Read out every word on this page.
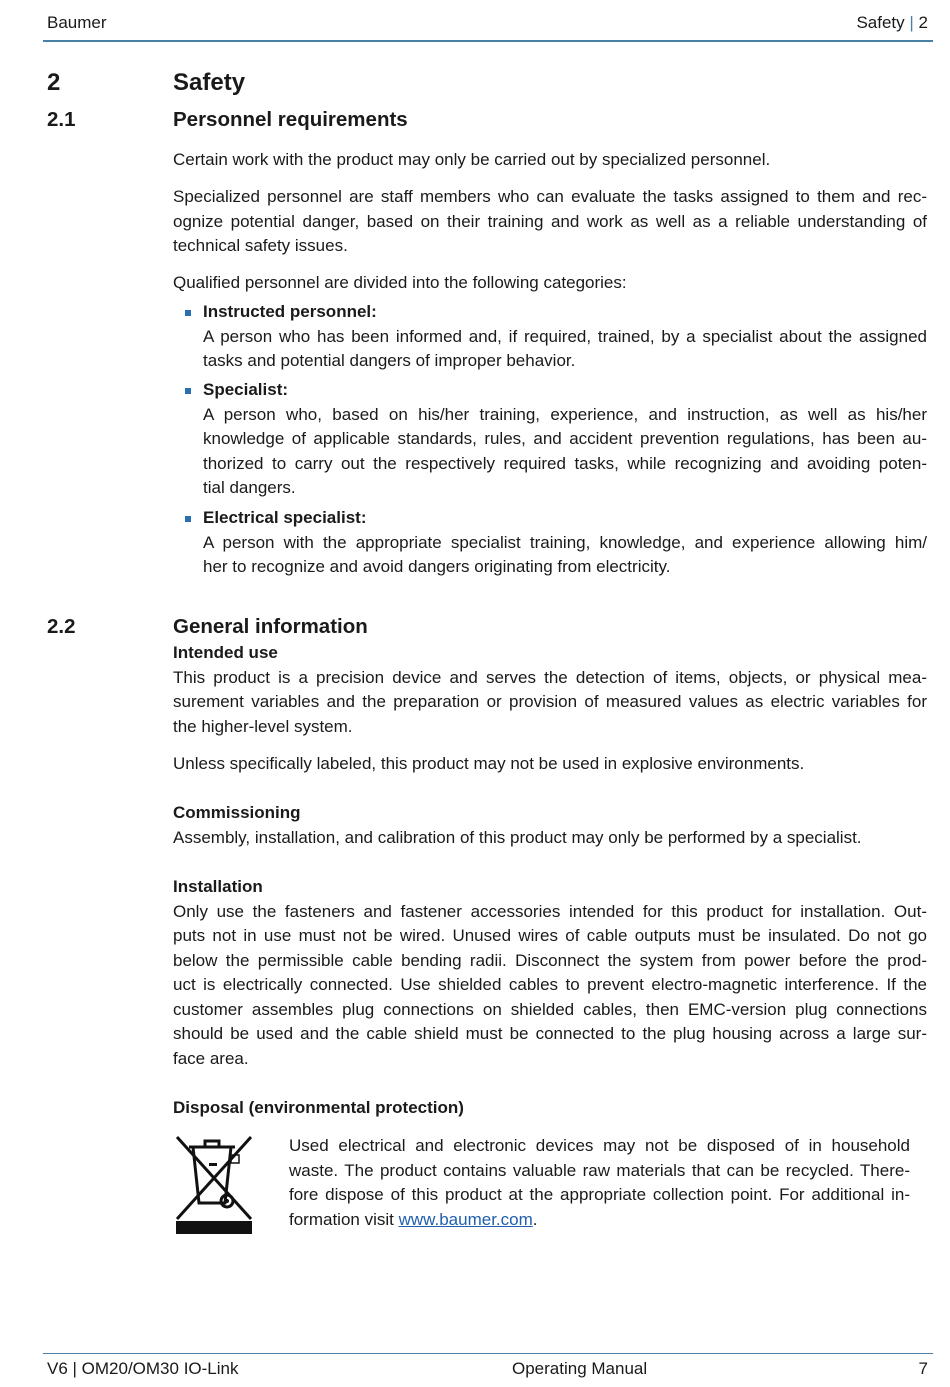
Baumer	Safety | 2
2	Safety
2.1	Personnel requirements
Certain work with the product may only be carried out by specialized personnel.
Specialized personnel are staff members who can evaluate the tasks assigned to them and rec-
ognize potential danger, based on their training and work as well as a reliable understanding of
technical safety issues.
Qualified personnel are divided into the following categories:
Instructed personnel:
A person who has been informed and, if required, trained, by a specialist about the assigned
tasks and potential dangers of improper behavior.
Specialist:
A person who, based on his/her training, experience, and instruction, as well as his/her
knowledge of applicable standards, rules, and accident prevention regulations, has been au-
thorized to carry out the respectively required tasks, while recognizing and avoiding poten-
tial dangers.
Electrical specialist:
A person with the appropriate specialist training, knowledge, and experience allowing him/
her to recognize and avoid dangers originating from electricity.
2.2	General information
Intended use
This product is a precision device and serves the detection of items, objects, or physical mea-
surement variables and the preparation or provision of measured values as electric variables for
the higher-level system.
Unless specifically labeled, this product may not be used in explosive environments.
Commissioning
Assembly, installation, and calibration of this product may only be performed by a specialist.
Installation
Only use the fasteners and fastener accessories intended for this product for installation. Out-
puts not in use must not be wired. Unused wires of cable outputs must be insulated. Do not go
below the permissible cable bending radii. Disconnect the system from power before the prod-
uct is electrically connected. Use shielded cables to prevent electro-magnetic interference. If the
customer assembles plug connections on shielded cables, then EMC-version plug connections
should be used and the cable shield must be connected to the plug housing across a large sur-
face area.
Disposal (environmental protection)
Used electrical and electronic devices may not be disposed of in household
waste. The product contains valuable raw materials that can be recycled. There-
fore dispose of this product at the appropriate collection point. For additional in-
formation visit www.baumer.com.
V6 | OM20/OM30 IO-Link	Operating Manual	7
